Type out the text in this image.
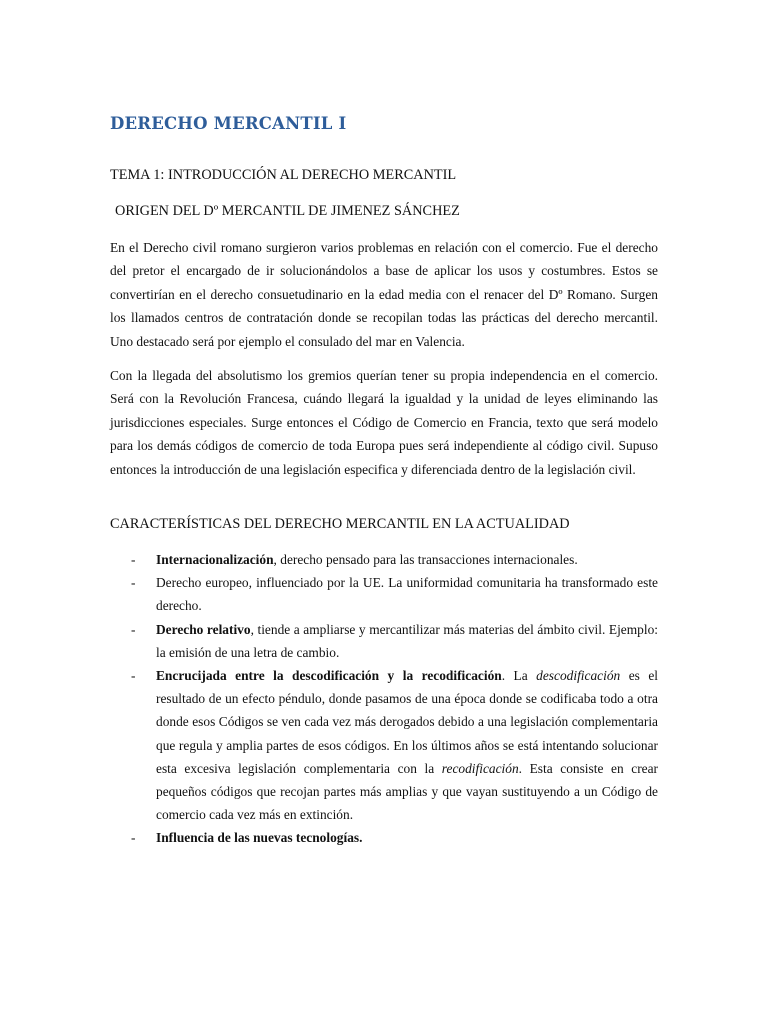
DERECHO MERCANTIL I
TEMA 1: INTRODUCCIÓN AL DERECHO MERCANTIL
ORIGEN DEL Dº MERCANTIL DE JIMENEZ SÁNCHEZ

En el Derecho civil romano surgieron varios problemas en relación con el comercio. Fue el derecho del pretor el encargado de ir solucionándolos a base de aplicar los usos y costumbres. Estos se convertirían en el derecho consuetudinario en la edad media con el renacer del Dº Romano. Surgen los llamados centros de contratación donde se recopilan todas las prácticas del derecho mercantil. Uno destacado será por ejemplo el consulado del mar en Valencia.

Con la llegada del absolutismo los gremios querían tener su propia independencia en el comercio. Será con la Revolución Francesa, cuándo llegará la igualdad y la unidad de leyes eliminando las jurisdicciones especiales. Surge entonces el Código de Comercio en Francia, texto que será modelo para los demás códigos de comercio de toda Europa pues será independiente al código civil. Supuso entonces la introducción de una legislación especifica y diferenciada dentro de la legislación civil.

CARACTERÍSTICAS DEL DERECHO MERCANTIL EN LA ACTUALIDAD
- Internacionalización, derecho pensado para las transacciones internacionales.
- Derecho europeo, influenciado por la UE. La uniformidad comunitaria ha transformado este derecho.
- Derecho relativo, tiende a ampliarse y mercantilizar más materias del ámbito civil. Ejemplo: la emisión de una letra de cambio.
- Encrucijada entre la descodificación y la recodificación. La descodificación es el resultado de un efecto péndulo, donde pasamos de una época donde se codificaba todo a otra donde esos Códigos se ven cada vez más derogados debido a una legislación complementaria que regula y amplia partes de esos códigos. En los últimos años se está intentando solucionar esta excesiva legislación complementaria con la recodificación. Esta consiste en crear pequeños códigos que recojan partes más amplias y que vayan sustituyendo a un Código de comercio cada vez más en extinción.
- Influencia de las nuevas tecnologías.
